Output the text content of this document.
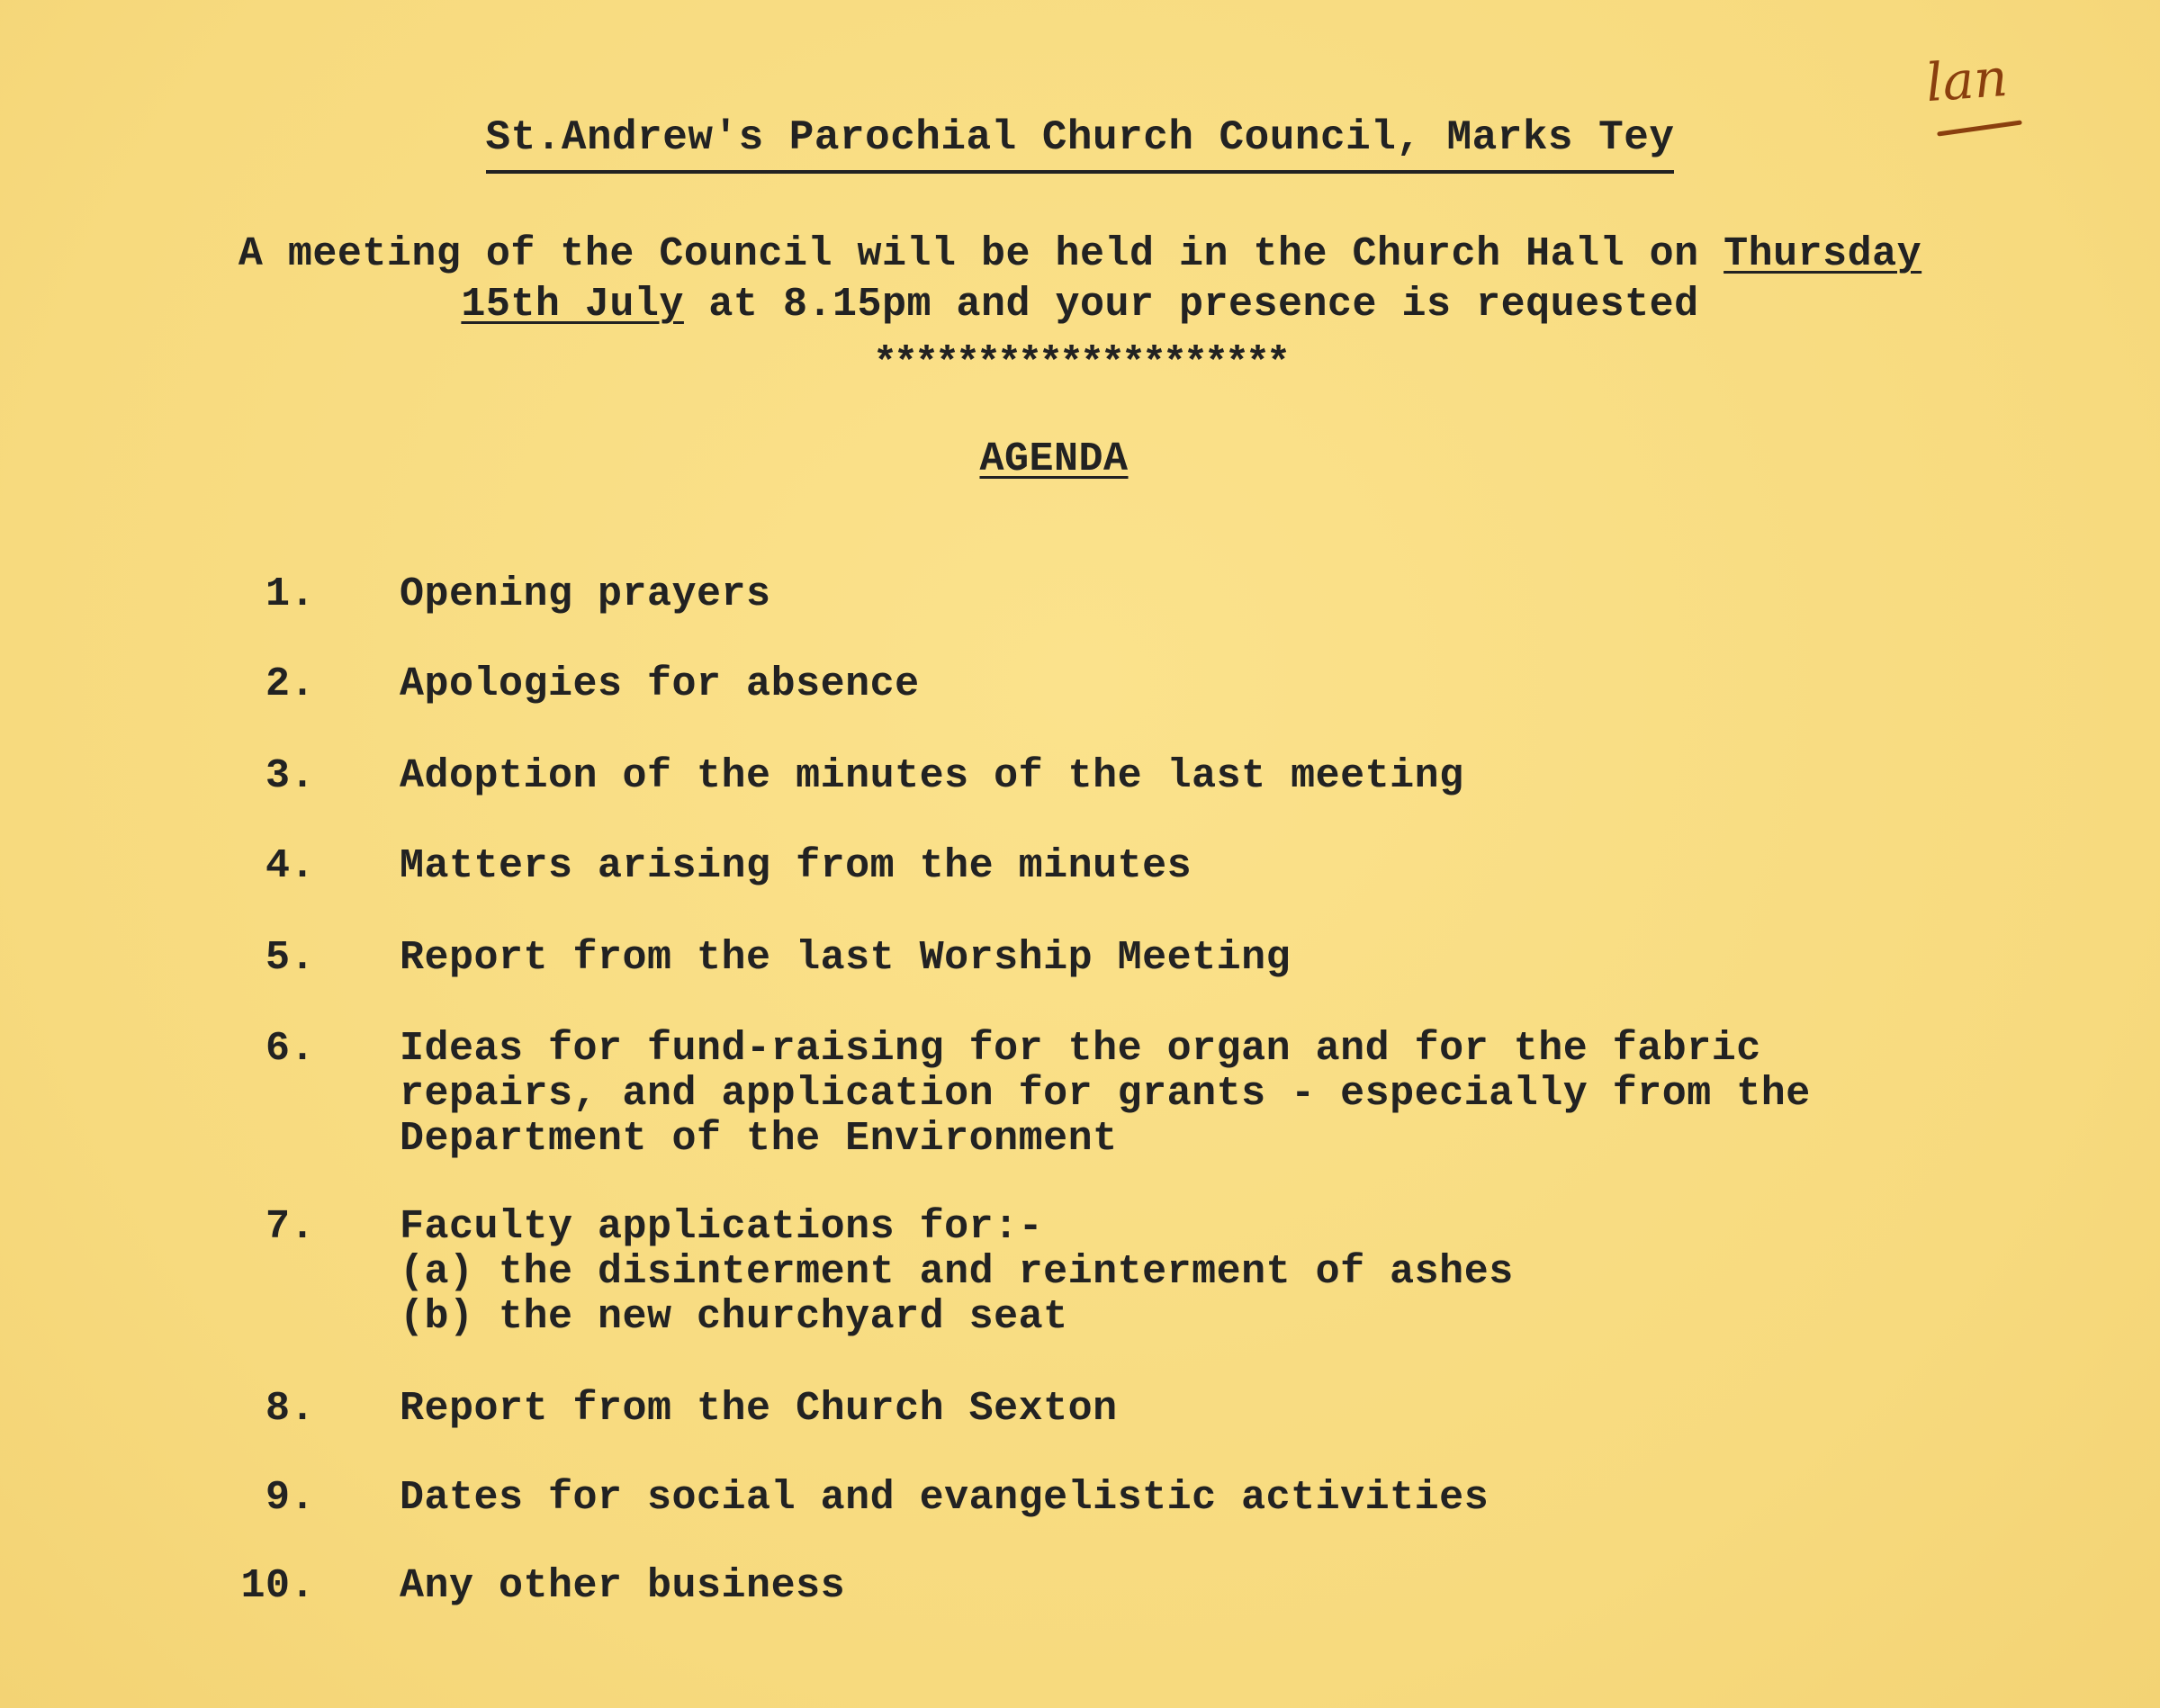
lan
St.Andrew's Parochial Church Council, Marks Tey
A meeting of the Council will be held in the Church Hall on Thursday
15th July at 8.15pm and your presence is requested
********************
AGENDA
1. Opening prayers
2. Apologies for absence
3. Adoption of the minutes of the last meeting
4. Matters arising from the minutes
5. Report from the last Worship Meeting
6. Ideas for fund-raising for the organ and for the fabric
repairs, and application for grants - especially from the
Department of the Environment
7. Faculty applications for:-
(a) the disinterment and reinterment of ashes
(b) the new churchyard seat
8. Report from the Church Sexton
9. Dates for social and evangelistic activities
10. Any other business
